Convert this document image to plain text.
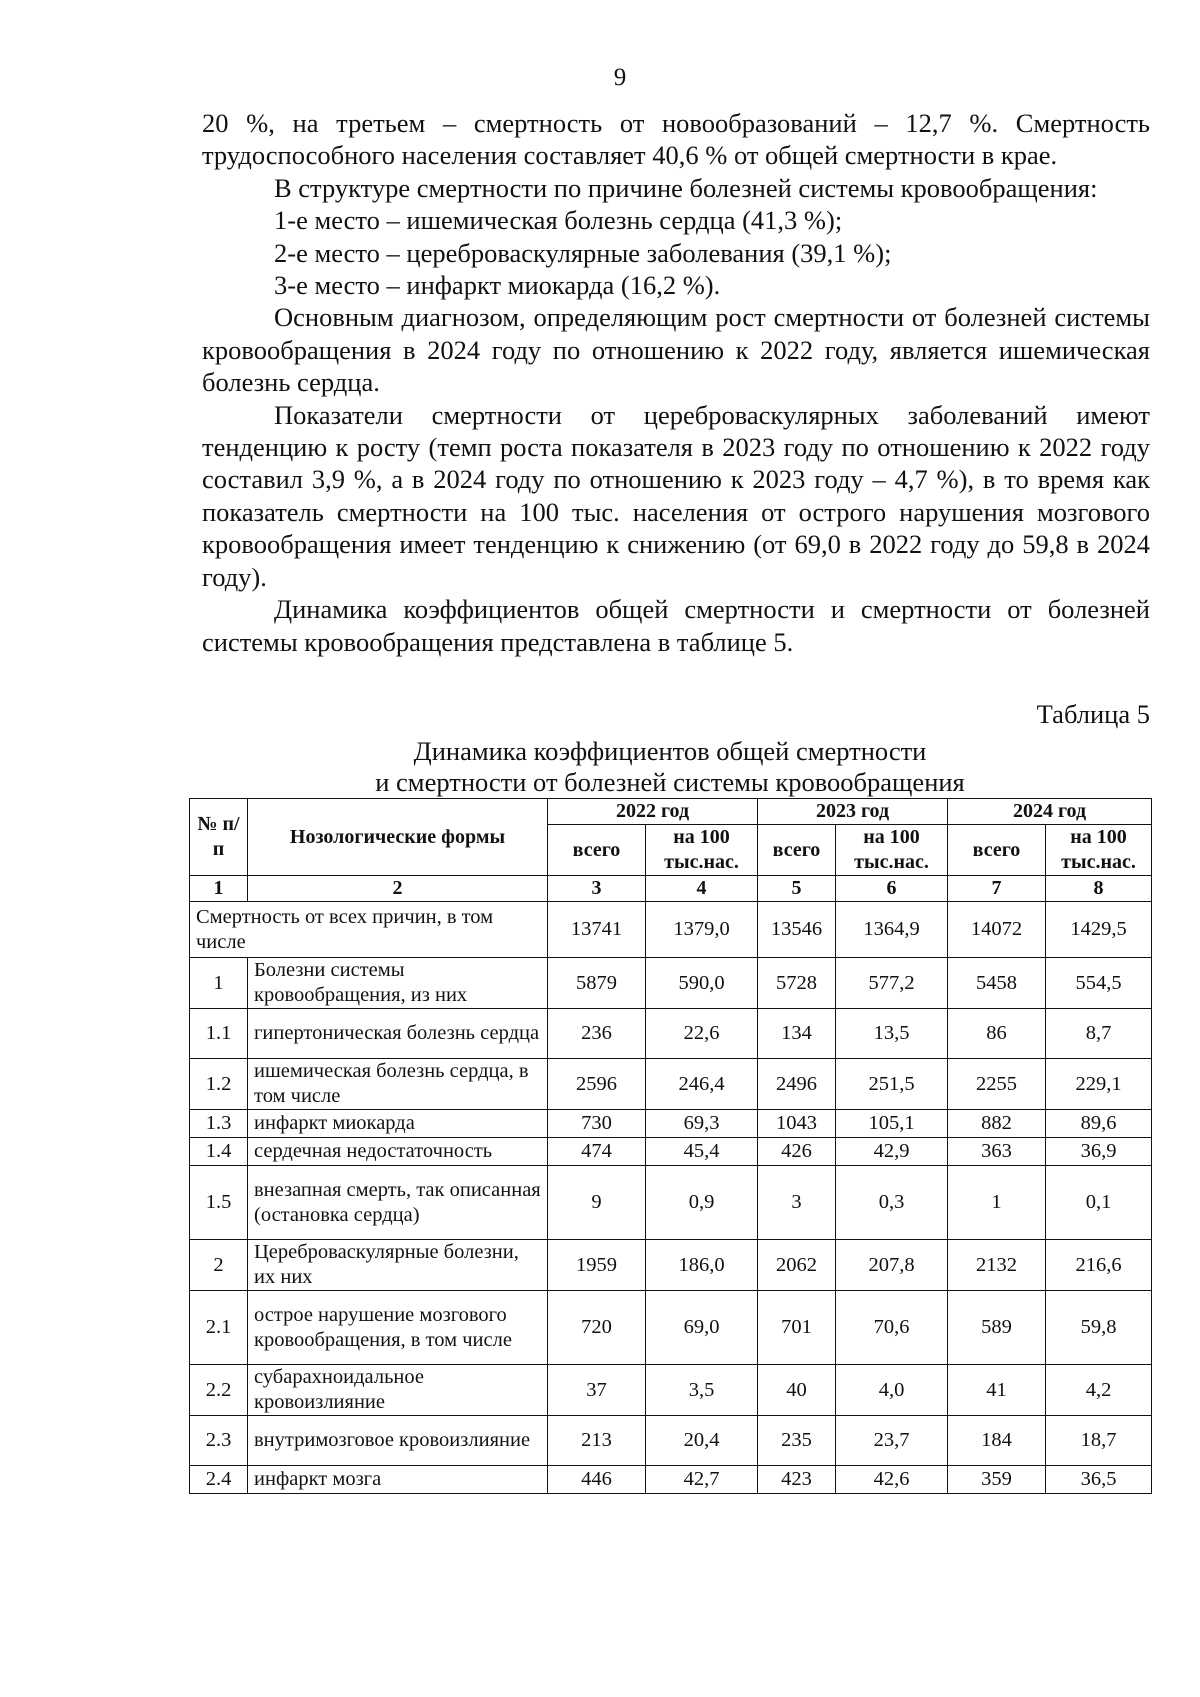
9

20 %, на третьем – смертность от новообразований – 12,7 %. Смертность трудоспособного населения составляет 40,6 % от общей смертности в крае.

В структуре смертности по причине болезней системы кровообращения:

1-е место – ишемическая болезнь сердца (41,3 %);

2-е место – цереброваскулярные заболевания (39,1 %);

3-е место – инфаркт миокарда (16,2 %).

Основным диагнозом, определяющим рост смертности от болезней системы кровообращения в 2024 году по отношению к 2022 году, является ишемическая болезнь сердца.

Показатели смертности от цереброваскулярных заболеваний имеют тенденцию к росту (темп роста показателя в 2023 году по отношению к 2022 году составил 3,9 %, а в 2024 году по отношению к 2023 году – 4,7 %), в то время как показатель смертности на 100 тыс. населения от острого нарушения мозгового кровообращения имеет тенденцию к снижению (от 69,0 в 2022 году до 59,8 в 2024 году).

Динамика коэффициентов общей смертности и смертности от болезней системы кровообращения представлена в таблице 5.

Таблица 5
Динамика коэффициентов общей смертности
и смертности от болезней системы кровообращения
№ п/п	Нозологические формы	2022 год		2023 год		2024 год	
		всего	на 100 тыс.нас.	всего	на 100 тыс.нас.	всего	на 100 тыс.нас.
1	2	3	4	5	6	7	8
Смертность от всех причин, в том числе		13741	1379,0	13546	1364,9	14072	1429,5
1	Болезни системы кровообращения, из них	5879	590,0	5728	577,2	5458	554,5
1.1	гипертоническая болезнь сердца	236	22,6	134	13,5	86	8,7
1.2	ишемическая болезнь сердца, в том числе	2596	246,4	2496	251,5	2255	229,1
1.3	инфаркт миокарда	730	69,3	1043	105,1	882	89,6
1.4	сердечная недостаточность	474	45,4	426	42,9	363	36,9
1.5	внезапная смерть, так описанная (остановка сердца)	9	0,9	3	0,3	1	0,1
2	Цереброваскулярные болезни, их них	1959	186,0	2062	207,8	2132	216,6
2.1	острое нарушение мозгового кровообращения, в том числе	720	69,0	701	70,6	589	59,8
2.2	субарахноидальное кровоизлияние	37	3,5	40	4,0	41	4,2
2.3	внутримозговое кровоизлияние	213	20,4	235	23,7	184	18,7
2.4	инфаркт мозга	446	42,7	423	42,6	359	36,5
